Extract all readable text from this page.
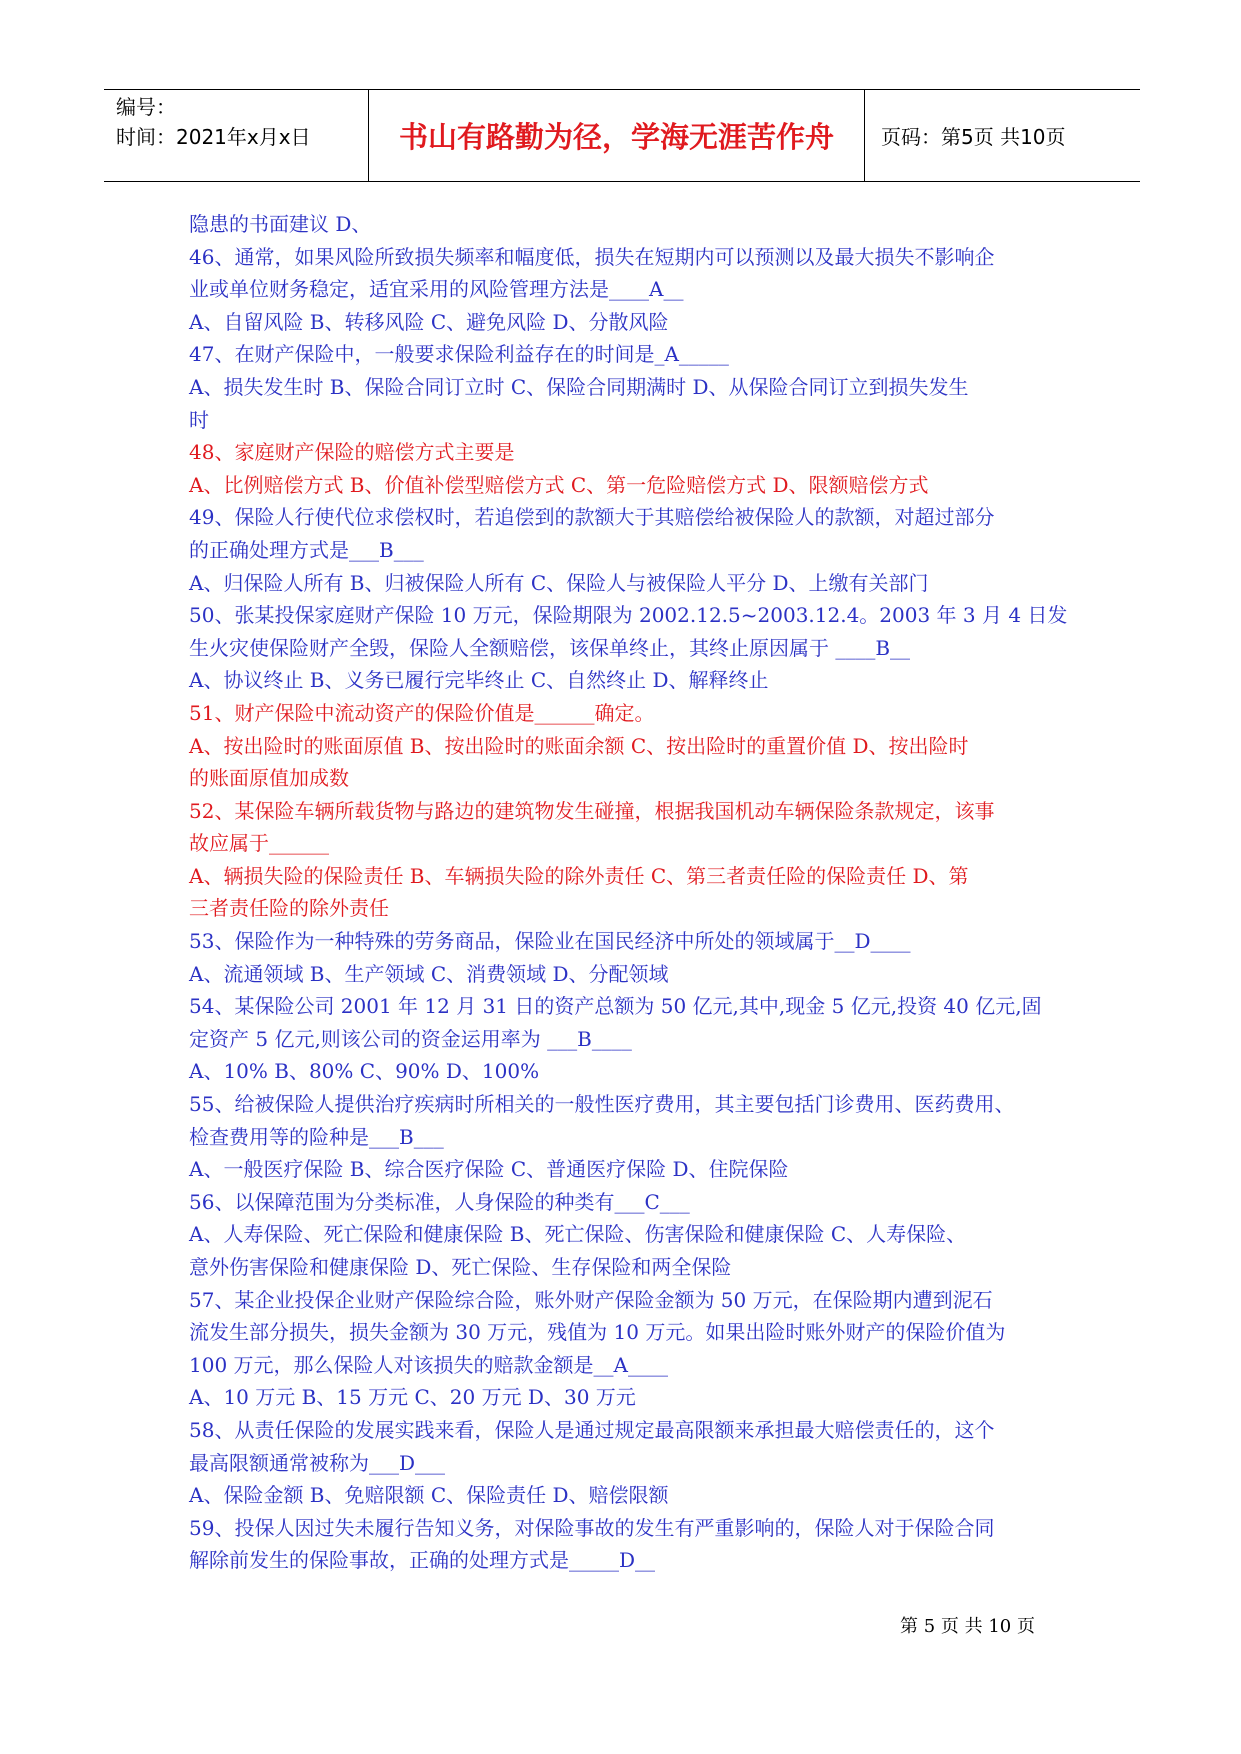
编号：
时间：2021年x月x日	书山有路勤为径，学海无涯苦作舟	页码：第5页 共10页
隐患的书面建议 D、
46、通常，如果风险所致损失频率和幅度低，损失在短期内可以预测以及最大损失不影响企
业或单位财务稳定，适宜采用的风险管理方法是____A__
A、自留风险 B、转移风险 C、避免风险 D、分散风险
47、在财产保险中，一般要求保险利益存在的时间是_A_____
A、损失发生时 B、保险合同订立时 C、保险合同期满时 D、从保险合同订立到损失发生
时
48、家庭财产保险的赔偿方式主要是
A、比例赔偿方式 B、价值补偿型赔偿方式 C、第一危险赔偿方式 D、限额赔偿方式
49、保险人行使代位求偿权时，若追偿到的款额大于其赔偿给被保险人的款额，对超过部分
的正确处理方式是___B___
A、归保险人所有 B、归被保险人所有 C、保险人与被保险人平分 D、上缴有关部门
50、张某投保家庭财产保险 10 万元，保险期限为 2002.12.5~2003.12.4。2003 年 3 月 4 日发
生火灾使保险财产全毁，保险人全额赔偿，该保单终止，其终止原因属于 ____B__
A、协议终止 B、义务已履行完毕终止 C、自然终止 D、解释终止
51、财产保险中流动资产的保险价值是______确定。
A、按出险时的账面原值 B、按出险时的账面余额 C、按出险时的重置价值 D、按出险时
的账面原值加成数
52、某保险车辆所载货物与路边的建筑物发生碰撞，根据我国机动车辆保险条款规定，该事
故应属于______
A、辆损失险的保险责任 B、车辆损失险的除外责任 C、第三者责任险的保险责任 D、第
三者责任险的除外责任
53、保险作为一种特殊的劳务商品，保险业在国民经济中所处的领域属于__D____
A、流通领域 B、生产领域 C、消费领域 D、分配领域
54、某保险公司 2001 年 12 月 31 日的资产总额为 50 亿元,其中,现金 5 亿元,投资 40 亿元,固
定资产 5 亿元,则该公司的资金运用率为 ___B____
A、10% B、80% C、90% D、100%
55、给被保险人提供治疗疾病时所相关的一般性医疗费用，其主要包括门诊费用、医药费用、
检查费用等的险种是___B___
A、一般医疗保险 B、综合医疗保险 C、普通医疗保险 D、住院保险
56、以保障范围为分类标准，人身保险的种类有___C___
A、人寿保险、死亡保险和健康保险 B、死亡保险、伤害保险和健康保险 C、人寿保险、
意外伤害保险和健康保险 D、死亡保险、生存保险和两全保险
57、某企业投保企业财产保险综合险，账外财产保险金额为 50 万元，在保险期内遭到泥石
流发生部分损失，损失金额为 30 万元，残值为 10 万元。如果出险时账外财产的保险价值为
100 万元，那么保险人对该损失的赔款金额是__A____
A、10 万元 B、15 万元 C、20 万元 D、30 万元
58、从责任保险的发展实践来看，保险人是通过规定最高限额来承担最大赔偿责任的，这个
最高限额通常被称为___D___
A、保险金额 B、免赔限额 C、保险责任 D、赔偿限额
59、投保人因过失未履行告知义务，对保险事故的发生有严重影响的，保险人对于保险合同
解除前发生的保险事故，正确的处理方式是_____D__
第 5 页 共 10 页
